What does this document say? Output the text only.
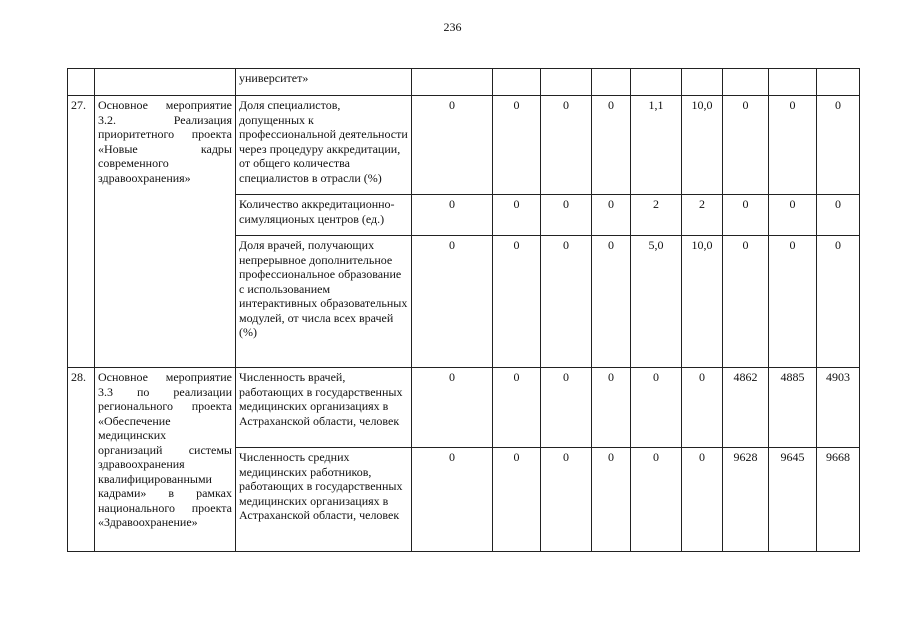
236
		университет»									
27.	Основное мероприятие 3.2. Реализация приоритетного проекта «Новые кадры современного здравоохранения»	Доля специалистов, допущенных к профессиональной деятельности через процедуру аккредитации, от общего количества специалистов в отрасли (%)	0	0	0	0	1,1	10,0	0	0	0
		Количество аккредитационно-симуляционых центров (ед.)	0	0	0	0	2	2	0	0	0
		Доля врачей, получающих непрерывное дополнительное профессиональное образование с использованием интерактивных образовательных модулей, от числа всех врачей (%)	0	0	0	0	5,0	10,0	0	0	0
28.	Основное мероприятие 3.3 по реализации регионального проекта «Обеспечение медицинских организаций системы здравоохранения квалифицированными кадрами» в рамках национального проекта «Здравоохранение»	Численность врачей, работающих в государственных медицинских организациях в Астраханской области, человек	0	0	0	0	0	0	4862	4885	4903
		Численность средних медицинских работников, работающих в государственных медицинских организациях в Астраханской области, человек	0	0	0	0	0	0	9628	9645	9668
